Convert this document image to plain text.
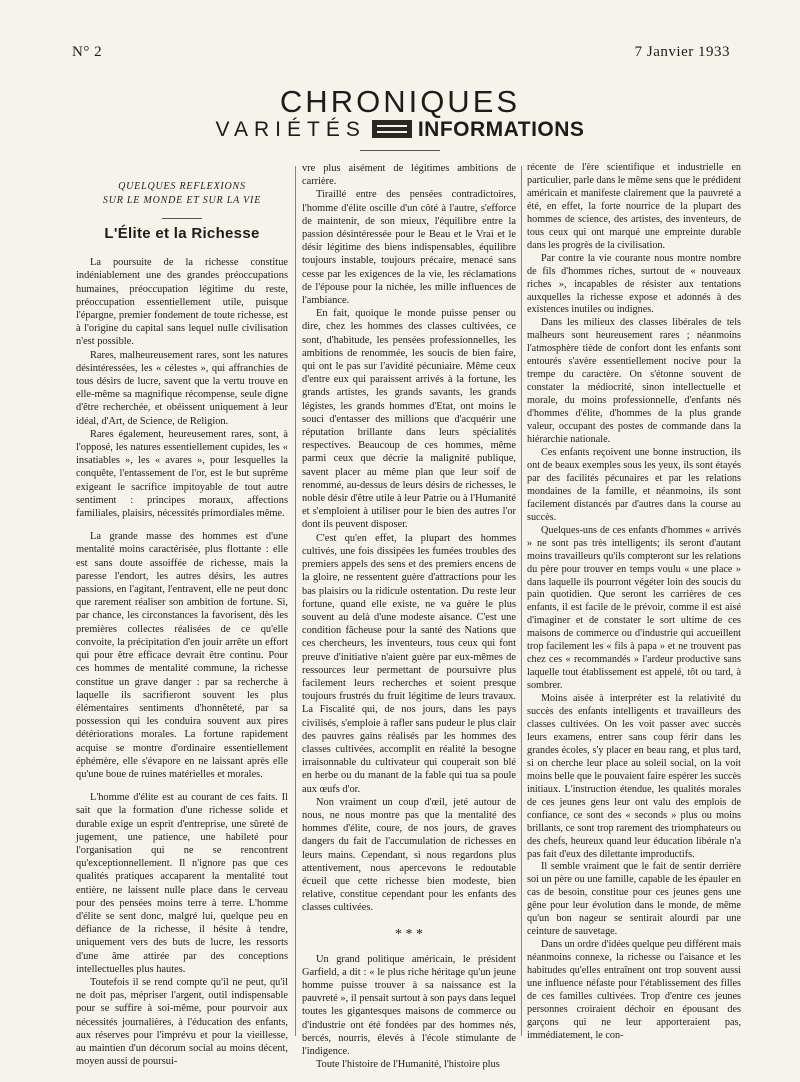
N° 2	7 Janvier 1933
CHRONIQUES
VARIÉTÉS INFORMATIONS
QUELQUES REFLEXIONS
SUR LE MONDE ET SUR LA VIE
L'Élite et la Richesse

La poursuite de la richesse constitue indéniablement une des grandes préoccupations humaines, préoccupation légitime du reste, préoccupation essentiellement utile, puisque l'épargne, premier fondement de toute richesse, est à l'origine du capital sans lequel nulle civilisation n'est possible.

Rares, malheureusement rares, sont les natures désintéressées, les « célestes », qui affranchies de tous désirs de lucre, savent que la vertu trouve en elle-même sa magnifique récompense, seule digne d'être recherchée, et obéissent uniquement à leur idéal, d'Art, de Science, de Religion.

Rares également, heureusement rares, sont, à l'opposé, les natures essentiellement cupides, les « insatiables », les « avares », pour lesquelles la conquête, l'entassement de l'or, est le but suprême exigeant le sacrifice impitoyable de tout autre sentiment : principes moraux, affections familiales, plaisirs, nécessités primordiales même.

La grande masse des hommes est d'une mentalité moins caractérisée, plus flottante : elle est sans doute assoiffée de richesse, mais la paresse l'endort, les autres désirs, les autres passions, en l'agitant, l'entravent, elle ne peut donc que rarement réaliser son ambition de fortune. Si, par chance, les circonstances la favorisent, dès les premières collectes réalisées de ce qu'elle convoite, la précipitation d'en jouir arrête un effort qui pour être efficace devrait être continu. Pour ces hommes de mentalité commune, la richesse constitue un grave danger : par sa recherche à laquelle ils sacrifieront souvent les plus élémentaires sentiments d'honnêteté, par sa possession qui les conduira souvent aux pires détériorations morales. La fortune rapidement acquise se montre d'ordinaire essentiellement éphémère, elle s'évapore en ne laissant après elle qu'une boue de ruines matérielles et morales.

L'homme d'élite est au courant de ces faits. Il sait que la formation d'une richesse solide et durable exige un esprit d'entreprise, une sûreté de jugement, une patience, une habileté pour l'organisation qui ne se rencontrent qu'exceptionnellement. Il n'ignore pas que ces qualités pratiques accaparent la mentalité tout entière, ne laissent nulle place dans le cerveau pour des pensées moins terre à terre. L'homme d'élite se sent donc, malgré lui, quelque peu en défiance de la richesse, il hésite à tendre, uniquement vers des buts de lucre, les ressorts d'une âme attirée par des conceptions intellectuelles plus hautes.

Toutefois il se rend compte qu'il ne peut, qu'il ne doit pas, mépriser l'argent, outil indispensable pour se suffire à soi-même, pour pourvoir aux nécessités journalières, à l'éducation des enfants, aux réserves pour l'imprévu et pour la vieillesse, au maintien d'un décorum social au moins décent, moyen aussi de poursui-

vre plus aisément de légitimes ambitions de carrière.

Tiraillé entre des pensées contradictoires, l'homme d'élite oscille d'un côté à l'autre, s'efforce de maintenir, de son mieux, l'équilibre entre la passion désintéressée pour le Beau et le Vrai et le désir légitime des biens indispensables, équilibre toujours instable, toujours précaire, menacé sans cesse par les exigences de la vie, les réclamations de l'épouse pour la nichée, les mille influences de l'ambiance.

En fait, quoique le monde puisse penser ou dire, chez les hommes des classes cultivées, ce sont, d'habitude, les pensées professionnelles, les ambitions de renommée, les soucis de bien faire, qui ont le pas sur l'avidité pécuniaire. Même ceux d'entre eux qui paraissent arrivés à la fortune, les grands artistes, les grands savants, les grands légistes, les grands hommes d'Etat, ont moins le souci d'entasser des millions que d'acquérir une réputation brillante dans leurs spécialités respectives. Beaucoup de ces hommes, même parmi ceux que décrie la malignité publique, savent placer au même plan que leur soif de renommé, au-dessus de leurs désirs de richesses, le noble désir d'être utile à leur Patrie ou à l'Humanité et s'emploient à utiliser pour le bien des autres l'or dont ils peuvent disposer.

C'est qu'en effet, la plupart des hommes cultivés, une fois dissipées les fumées troubles des premiers appels des sens et des premiers encens de la gloire, ne ressentent guère d'attractions pour les bas plaisirs ou la ridicule ostentation. Du reste leur fortune, quand elle existe, ne va guère le plus souvent au delà d'une modeste aisance. C'est une condition fâcheuse pour la santé des Nations que ces chercheurs, les inventeurs, tous ceux qui font preuve d'initiative n'aient guère par eux-mêmes de ressources leur permettant de poursuivre plus facilement leurs recherches et soient presque toujours frustrés du fruit légitime de leurs travaux. La Fiscalité qui, de nos jours, dans les pays civilisés, s'emploie à rafler sans pudeur le plus clair des pauvres gains réalisés par les hommes des classes cultivées, accomplit en réalité la besogne irraisonnable du cultivateur qui couperait son blé en herbe ou du manant de la fable qui tua sa poule aux œufs d'or.

Non vraiment un coup d'œil, jeté autour de nous, ne nous montre pas que la mentalité des hommes d'élite, coure, de nos jours, de graves dangers du fait de l'accumulation de richesses en leurs mains. Cependant, si nous regardons plus attentivement, nous apercevons le redoutable écueil que cette richesse bien modeste, bien relative, constitue cependant pour les enfants des classes cultivées.

* * *

Un grand politique américain, le président Garfield, a dit : « le plus riche héritage qu'un jeune homme puisse trouver à sa naissance est la pauvreté », il pensait surtout à son pays dans lequel toutes les gigantesques maisons de commerce ou d'industrie ont été fondées par des hommes nés, bercés, nourris, élevés à l'école stimulante de l'indigence.

Toute l'histoire de l'Humanité, l'histoire plus

récente de l'ère scientifique et industrielle en particulier, parle dans le même sens que le prédident américain et manifeste clairement que la pauvreté a été, en effet, la forte nourrice de la plupart des hommes de science, des artistes, des inventeurs, de tous ceux qui ont marqué une empreinte durable dans les progrès de la civilisation.

Par contre la vie courante nous montre nombre de fils d'hommes riches, surtout de « nouveaux riches », incapables de résister aux tentations auxquelles la richesse expose et adonnés à des existences inutiles ou indignes.

Dans les milieux des classes libérales de tels malheurs sont heureusement rares ; néanmoins l'atmosphère tiède de confort dont les enfants sont entourés s'avère essentiellement nocive pour la trempe du caractère. On s'étonne souvent de constater la médiocrité, sinon intellectuelle et morale, du moins professionnelle, d'enfants nés d'hommes d'élite, d'hommes de la plus grande valeur, occupant des postes de commande dans la hiérarchie nationale.

Ces enfants reçoivent une bonne instruction, ils ont de beaux exemples sous les yeux, ils sont étayés par des facilités pécunaires et par les relations mondaines de la famille, et néanmoins, ils sont facilement distancés par d'autres dans la course au succès.

Quelques-uns de ces enfants d'hommes « arrivés » ne sont pas très intelligents; ils seront d'autant moins travailleurs qu'ils compteront sur les relations du père pour trouver en temps voulu « une place » dans laquelle ils pourront végéter loin des soucis du pain quotidien. Que seront les carrières de ces enfants, il est facile de le prévoir, comme il est aisé d'imaginer et de constater le sort ultime de ces maisons de commerce ou d'industrie qui accueillent trop facilement les « fils à papa » et ne trouvent pas chez ces « recommandés » l'ardeur productive sans laquelle tout établissement est appelé, tôt ou tard, à sombrer.

Moins aisée à interpréter est la relativité du succès des enfants intelligents et travailleurs des classes cultivées. On les voit passer avec succès leurs examens, entrer sans coup férir dans les grandes écoles, s'y placer en beau rang, et plus tard, si on cherche leur place au soleil social, on la voit moins belle que le pouvaient faire espérer les succès initiaux. L'instruction étendue, les qualités morales de ces jeunes gens leur ont valu des emplois de confiance, ce sont des « seconds » plus ou moins brillants, ce sont trop rarement des triomphateurs ou des chefs, heureux quand leur éducation libérale n'a pas fait d'eux des dilettante improductifs.

Il semble vraiment que le fait de sentir derrière soi un père ou une famille, capable de les épauler en cas de besoin, constitue pour ces jeunes gens une gêne pour leur évolution dans le monde, de même qu'un bon nageur se sentirait alourdi par une ceinture de sauvetage.

Dans un ordre d'idées quelque peu différent mais néanmoins connexe, la richesse ou l'aisance et les habitudes qu'elles entraînent ont trop souvent aussi une influence néfaste pour l'établissement des filles de ces familles cultivées. Trop d'entre ces jeunes personnes croiraient déchoir en épousant des garçons qui ne leur apporteraient pas, immédiatement, le con-
